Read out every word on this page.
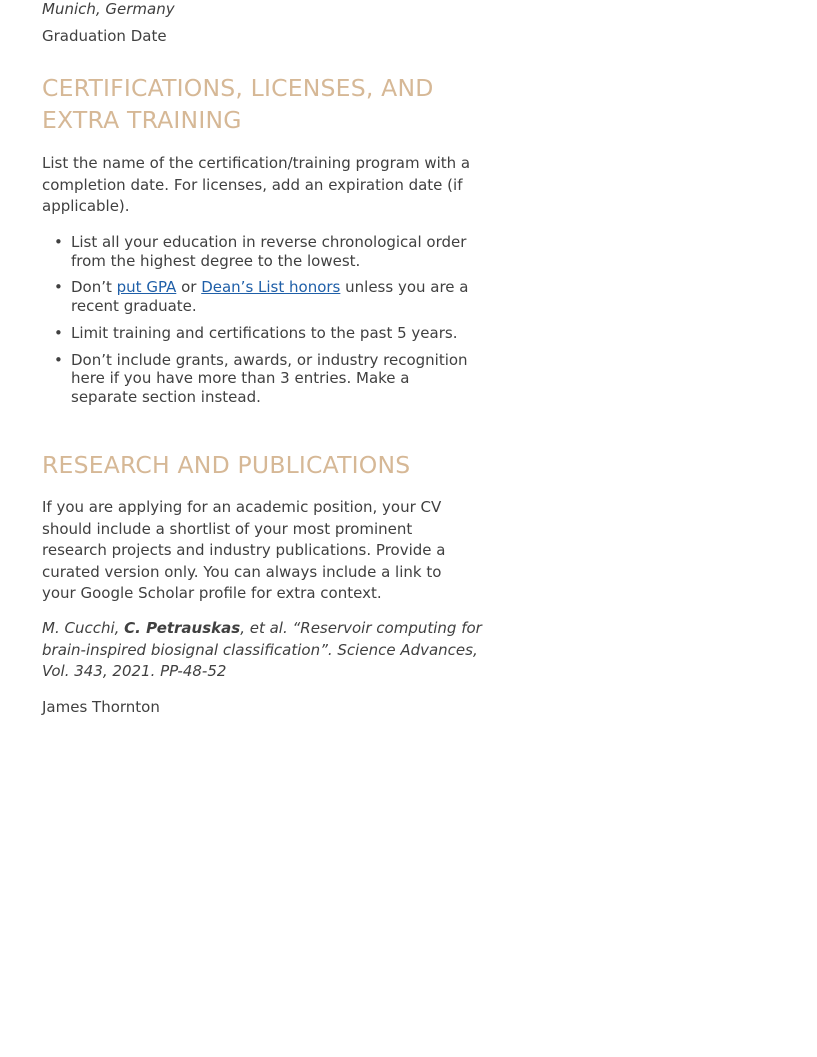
Munich, Germany
Graduation Date
CERTIFICATIONS, LICENSES, AND EXTRA TRAINING

List the name of the certification/training program with a completion date. For licenses, add an expiration date (if applicable).

• List all your education in reverse chronological order from the highest degree to the lowest.
• Don’t put GPA or Dean’s List honors unless you are a recent graduate.
• Limit training and certifications to the past 5 years.
• Don’t include grants, awards, or industry recognition here if you have more than 3 entries. Make a separate section instead.
RESEARCH AND PUBLICATIONS

If you are applying for an academic position, your CV should include a shortlist of your most prominent research projects and industry publications. Provide a curated version only. You can always include a link to your Google Scholar profile for extra context.

M. Cucchi, C. Petrauskas, et al. “Reservoir computing for brain-inspired biosignal classification”. Science Advances, Vol. 343, 2021. PP-48-52

James Thornton
